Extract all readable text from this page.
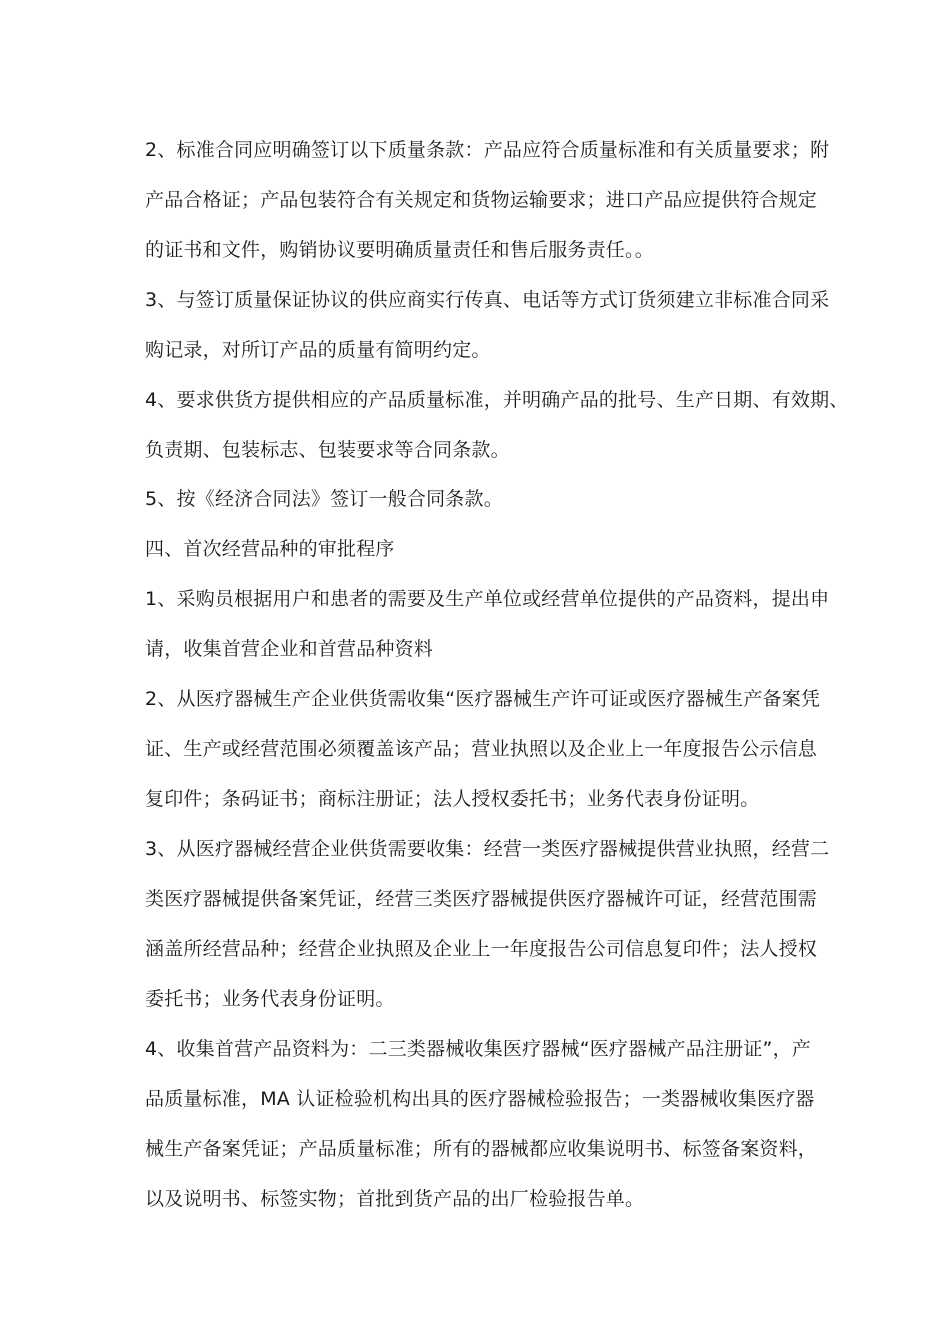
2、标准合同应明确签订以下质量条款：产品应符合质量标准和有关质量要求；附
产品合格证；产品包装符合有关规定和货物运输要求；进口产品应提供符合规定
的证书和文件，购销协议要明确质量责任和售后服务责任。。
3、与签订质量保证协议的供应商实行传真、电话等方式订货须建立非标准合同采
购记录，对所订产品的质量有简明约定。
4、要求供货方提供相应的产品质量标准，并明确产品的批号、生产日期、有效期、
负责期、包装标志、包装要求等合同条款。
5、按《经济合同法》签订一般合同条款。
四、首次经营品种的审批程序
1、采购员根据用户和患者的需要及生产单位或经营单位提供的产品资料，提出申
请，收集首营企业和首营品种资料
2、从医疗器械生产企业供货需收集“医疗器械生产许可证或医疗器械生产备案凭
证、生产或经营范围必须覆盖该产品；营业执照以及企业上一年度报告公示信息
复印件；条码证书；商标注册证；法人授权委托书；业务代表身份证明。
3、从医疗器械经营企业供货需要收集：经营一类医疗器械提供营业执照，经营二
类医疗器械提供备案凭证，经营三类医疗器械提供医疗器械许可证，经营范围需
涵盖所经营品种；经营企业执照及企业上一年度报告公司信息复印件；法人授权
委托书；业务代表身份证明。
4、收集首营产品资料为：二三类器械收集医疗器械“医疗器械产品注册证”，产
品质量标准，MA 认证检验机构出具的医疗器械检验报告；一类器械收集医疗器
械生产备案凭证；产品质量标准；所有的器械都应收集说明书、标签备案资料，
以及说明书、标签实物；首批到货产品的出厂检验报告单。
